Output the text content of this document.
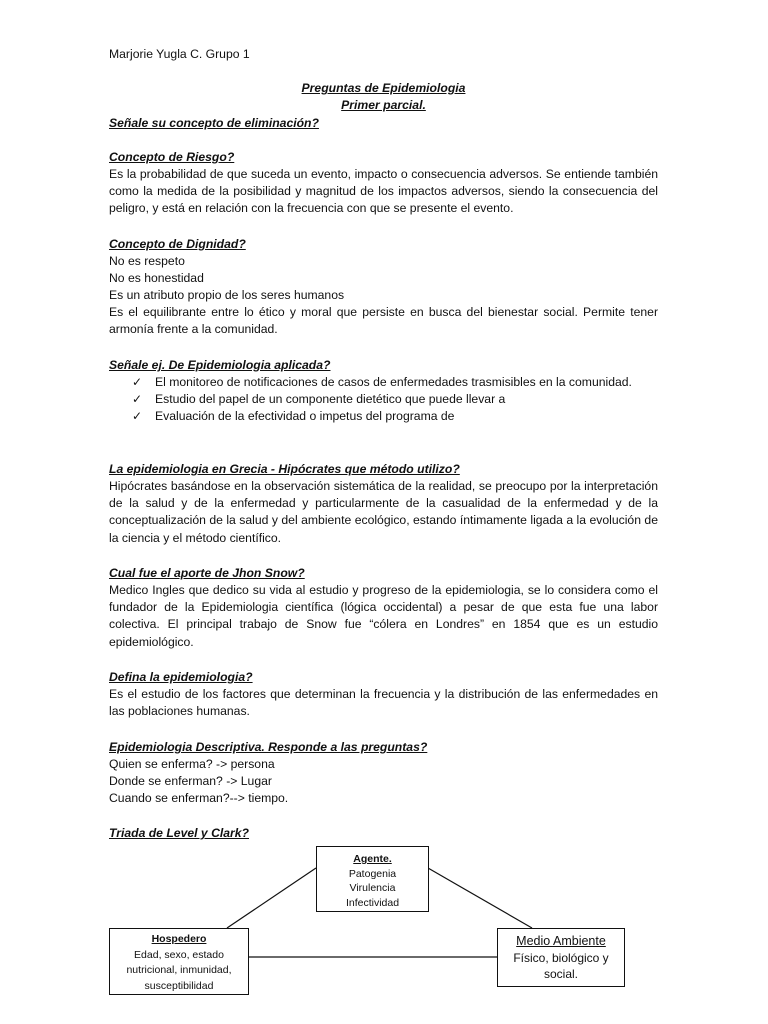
Marjorie Yugla C. Grupo 1
Preguntas de Epidemiologia
Primer parcial.
Señale su concepto de eliminación?
Concepto de Riesgo?
Es la probabilidad de que suceda un evento, impacto o consecuencia adversos. Se entiende también como la medida de la posibilidad y magnitud de los impactos adversos, siendo la consecuencia del peligro, y está en relación con la frecuencia con que se presente el evento.
Concepto de Dignidad?
No es respeto
No es honestidad
Es un atributo propio de los seres humanos
Es el equilibrante entre lo ético y moral que persiste en busca del bienestar social. Permite tener armonía frente a la comunidad.
Señale ej. De Epidemiologia aplicada?
✓ El monitoreo de notificaciones de casos de enfermedades trasmisibles en la comunidad.
✓ Estudio del papel de un componente dietético que puede llevar a
✓ Evaluación de la efectividad o impetus del programa de
La epidemiologia en Grecia - Hipócrates que método utilizo?
Hipócrates basándose en la observación sistemática de la realidad, se preocupo por la interpretación de la salud y de la enfermedad y particularmente de la casualidad de la enfermedad y de la conceptualización de la salud y del ambiente ecológico, estando íntimamente ligada a la evolución de la ciencia y el método científico.
Cual fue el aporte de Jhon Snow?
Medico Ingles que dedico su vida al estudio y progreso de la epidemiologia, se lo considera como el fundador de la Epidemiologia científica (lógica occidental) a pesar de que esta fue una labor colectiva. El principal trabajo de Snow fue “cólera en Londres” en 1854 que es un estudio epidemiológico.
Defina la epidemiologia?
Es el estudio de los factores que determinan la frecuencia y la distribución de las enfermedades en las poblaciones humanas.
Epidemiologia Descriptiva. Responde a las preguntas?
Quien se enferma? -> persona
Donde se enferman? -> Lugar
Cuando se enferman?--> tiempo.
Triada de Level y Clark?
Agente.
Patogenia
Virulencia
Infectividad
Hospedero
Edad, sexo, estado
nutricional, inmunidad,
susceptibilidad
Medio Ambiente
Físico, biológico y
social.
